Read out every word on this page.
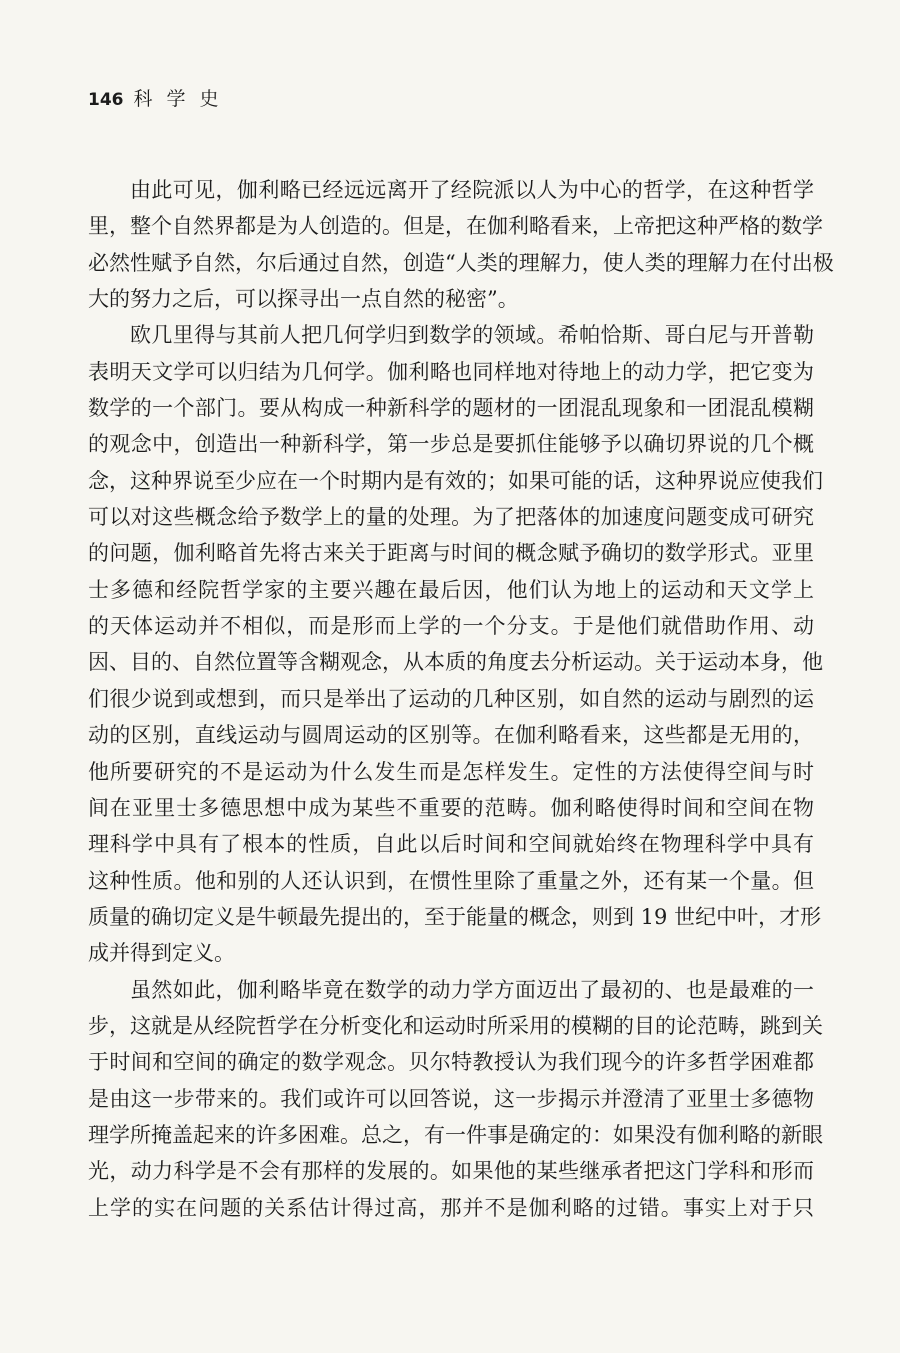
146 科学史
由此可见，伽利略已经远远离开了经院派以人为中心的哲学，在这种哲学
里，整个自然界都是为人创造的。但是，在伽利略看来，上帝把这种严格的数学
必然性赋予自然，尔后通过自然，创造“人类的理解力，使人类的理解力在付出极
大的努力之后，可以探寻出一点自然的秘密”。
欧几里得与其前人把几何学归到数学的领域。希帕恰斯、哥白尼与开普勒
表明天文学可以归结为几何学。伽利略也同样地对待地上的动力学，把它变为
数学的一个部门。要从构成一种新科学的题材的一团混乱现象和一团混乱模糊
的观念中，创造出一种新科学，第一步总是要抓住能够予以确切界说的几个概
念，这种界说至少应在一个时期内是有效的；如果可能的话，这种界说应使我们
可以对这些概念给予数学上的量的处理。为了把落体的加速度问题变成可研究
的问题，伽利略首先将古来关于距离与时间的概念赋予确切的数学形式。亚里
士多德和经院哲学家的主要兴趣在最后因，他们认为地上的运动和天文学上
的天体运动并不相似，而是形而上学的一个分支。于是他们就借助作用、动
因、目的、自然位置等含糊观念，从本质的角度去分析运动。关于运动本身，他
们很少说到或想到，而只是举出了运动的几种区别，如自然的运动与剧烈的运
动的区别，直线运动与圆周运动的区别等。在伽利略看来，这些都是无用的，
他所要研究的不是运动为什么发生而是怎样发生。定性的方法使得空间与时
间在亚里士多德思想中成为某些不重要的范畴。伽利略使得时间和空间在物
理科学中具有了根本的性质，自此以后时间和空间就始终在物理科学中具有
这种性质。他和别的人还认识到，在惯性里除了重量之外，还有某一个量。但
质量的确切定义是牛顿最先提出的，至于能量的概念，则到 19 世纪中叶，才形
成并得到定义。
虽然如此，伽利略毕竟在数学的动力学方面迈出了最初的、也是最难的一
步，这就是从经院哲学在分析变化和运动时所采用的模糊的目的论范畴，跳到关
于时间和空间的确定的数学观念。贝尔特教授认为我们现今的许多哲学困难都
是由这一步带来的。我们或许可以回答说，这一步揭示并澄清了亚里士多德物
理学所掩盖起来的许多困难。总之，有一件事是确定的：如果没有伽利略的新眼
光，动力科学是不会有那样的发展的。如果他的某些继承者把这门学科和形而
上学的实在问题的关系估计得过高，那并不是伽利略的过错。事实上对于只
